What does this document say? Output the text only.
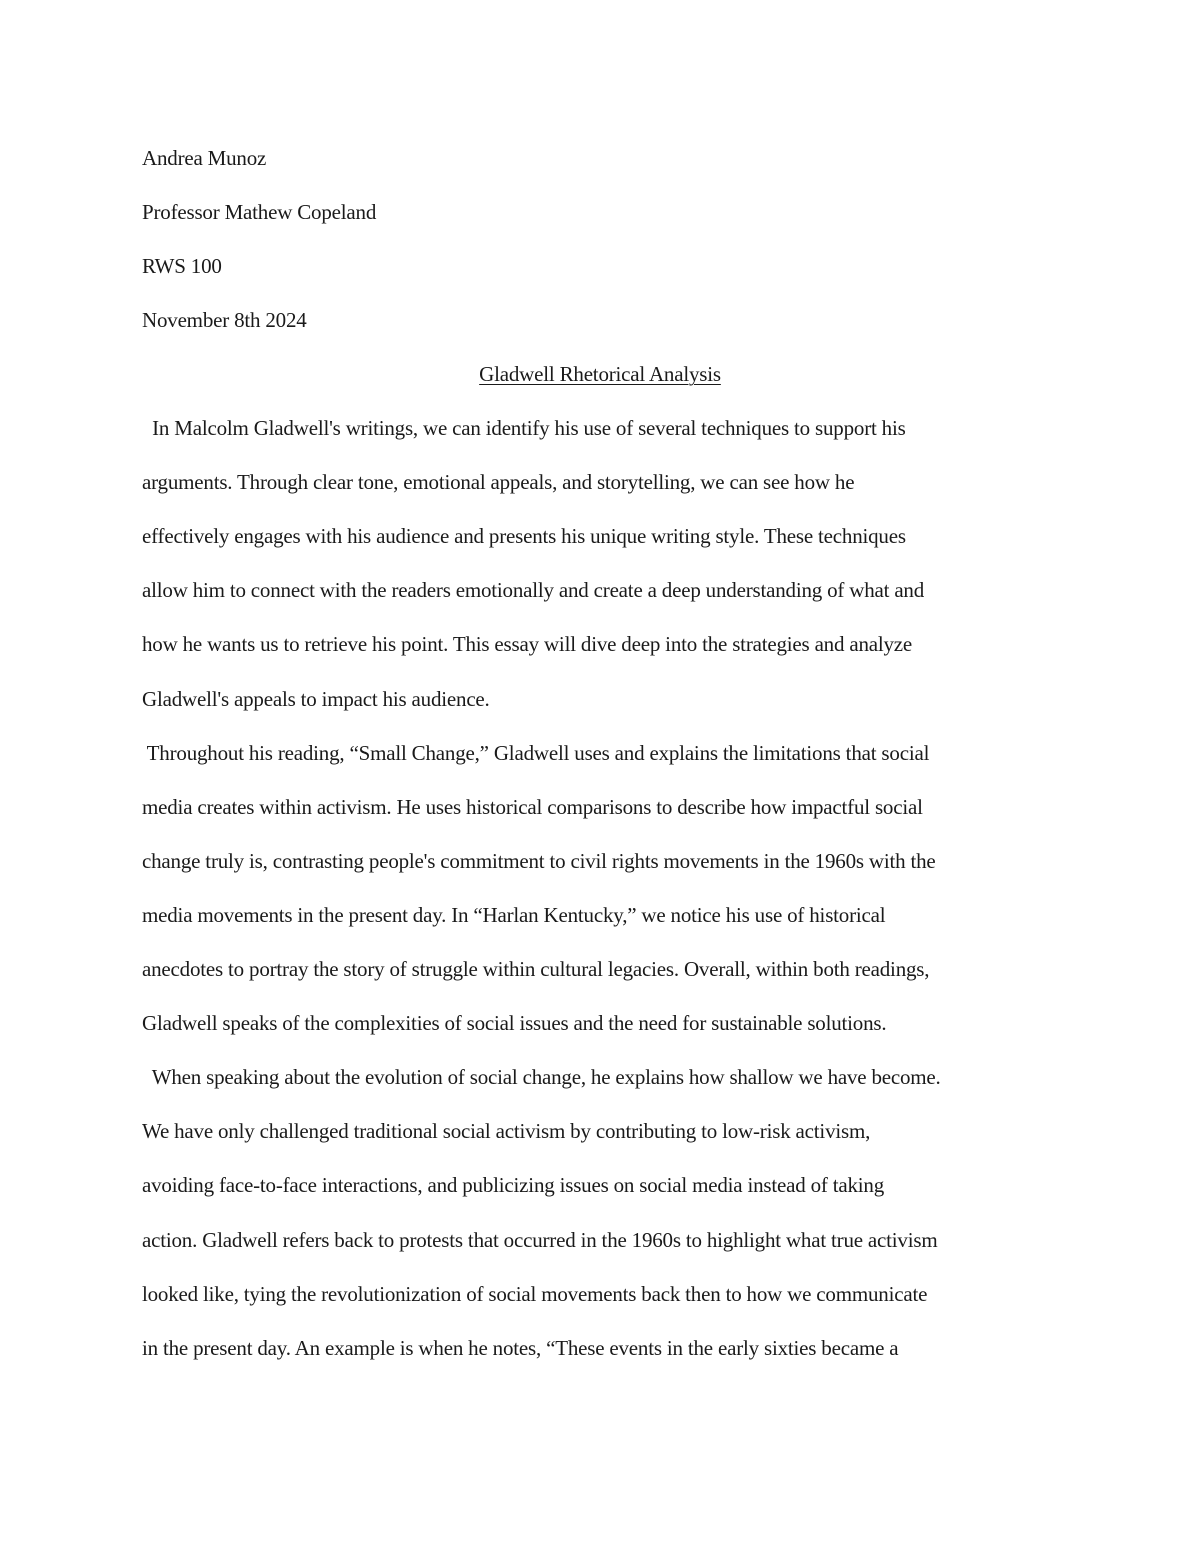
Andrea Munoz
Professor Mathew Copeland
RWS 100
November 8th 2024
Gladwell Rhetorical Analysis
In Malcolm Gladwell's writings, we can identify his use of several techniques to support his
arguments. Through clear tone, emotional appeals, and storytelling, we can see how he
effectively engages with his audience and presents his unique writing style. These techniques
allow him to connect with the readers emotionally and create a deep understanding of what and
how he wants us to retrieve his point. This essay will dive deep into the strategies and analyze
Gladwell's appeals to impact his audience.
Throughout his reading, “Small Change,” Gladwell uses and explains the limitations that social
media creates within activism. He uses historical comparisons to describe how impactful social
change truly is, contrasting people's commitment to civil rights movements in the 1960s with the
media movements in the present day. In “Harlan Kentucky,” we notice his use of historical
anecdotes to portray the story of struggle within cultural legacies. Overall, within both readings,
Gladwell speaks of the complexities of social issues and the need for sustainable solutions.
When speaking about the evolution of social change, he explains how shallow we have become.
We have only challenged traditional social activism by contributing to low-risk activism,
avoiding face-to-face interactions, and publicizing issues on social media instead of taking
action. Gladwell refers back to protests that occurred in the 1960s to highlight what true activism
looked like, tying the revolutionization of social movements back then to how we communicate
in the present day. An example is when he notes, “These events in the early sixties became a
